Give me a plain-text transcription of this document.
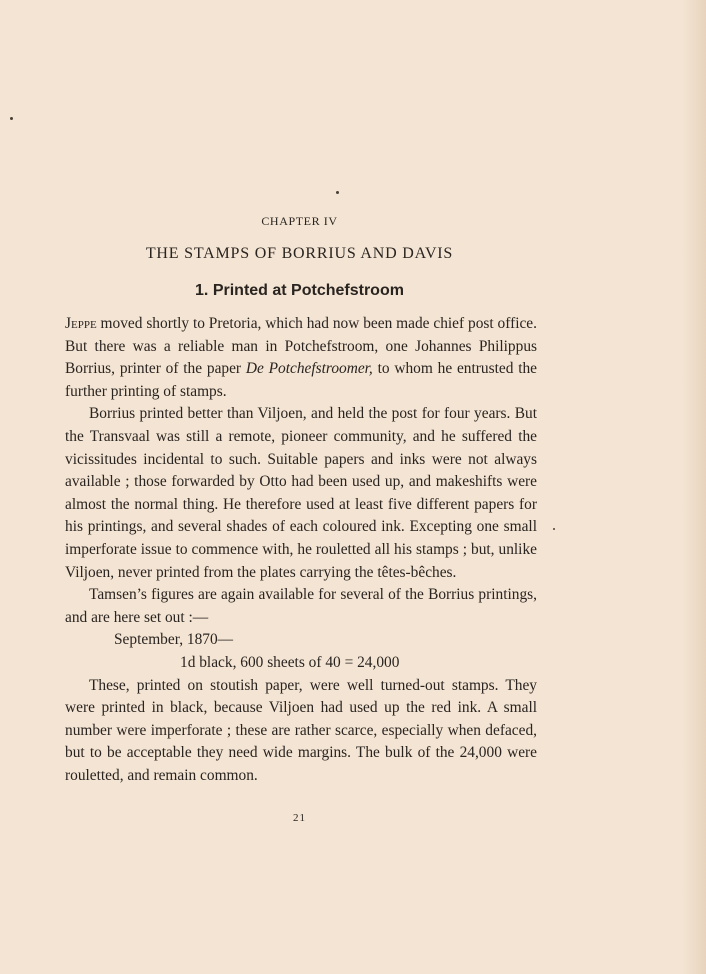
CHAPTER IV
THE STAMPS OF BORRIUS AND DAVIS
1. Printed at Potchefstroom

Jeppe moved shortly to Pretoria, which had now been made chief post office. But there was a reliable man in Potchefstroom, one Johannes Philippus Borrius, printer of the paper De Potchefstroomer, to whom he entrusted the further printing of stamps.

Borrius printed better than Viljoen, and held the post for four years. But the Transvaal was still a remote, pioneer community, and he suffered the vicissitudes incidental to such. Suitable papers and inks were not always available ; those forwarded by Otto had been used up, and makeshifts were almost the normal thing. He therefore used at least five different papers for his printings, and several shades of each coloured ink. Excepting one small imperforate issue to commence with, he rouletted all his stamps ; but, unlike Viljoen, never printed from the plates carrying the têtes-bêches.

Tamsen’s figures are again available for several of the Borrius printings, and are here set out :—

September, 1870—

1d black, 600 sheets of 40 = 24,000

These, printed on stoutish paper, were well turned-out stamps. They were printed in black, because Viljoen had used up the red ink. A small number were imperforate ; these are rather scarce, especially when defaced, but to be acceptable they need wide margins. The bulk of the 24,000 were rouletted, and remain common.

21
